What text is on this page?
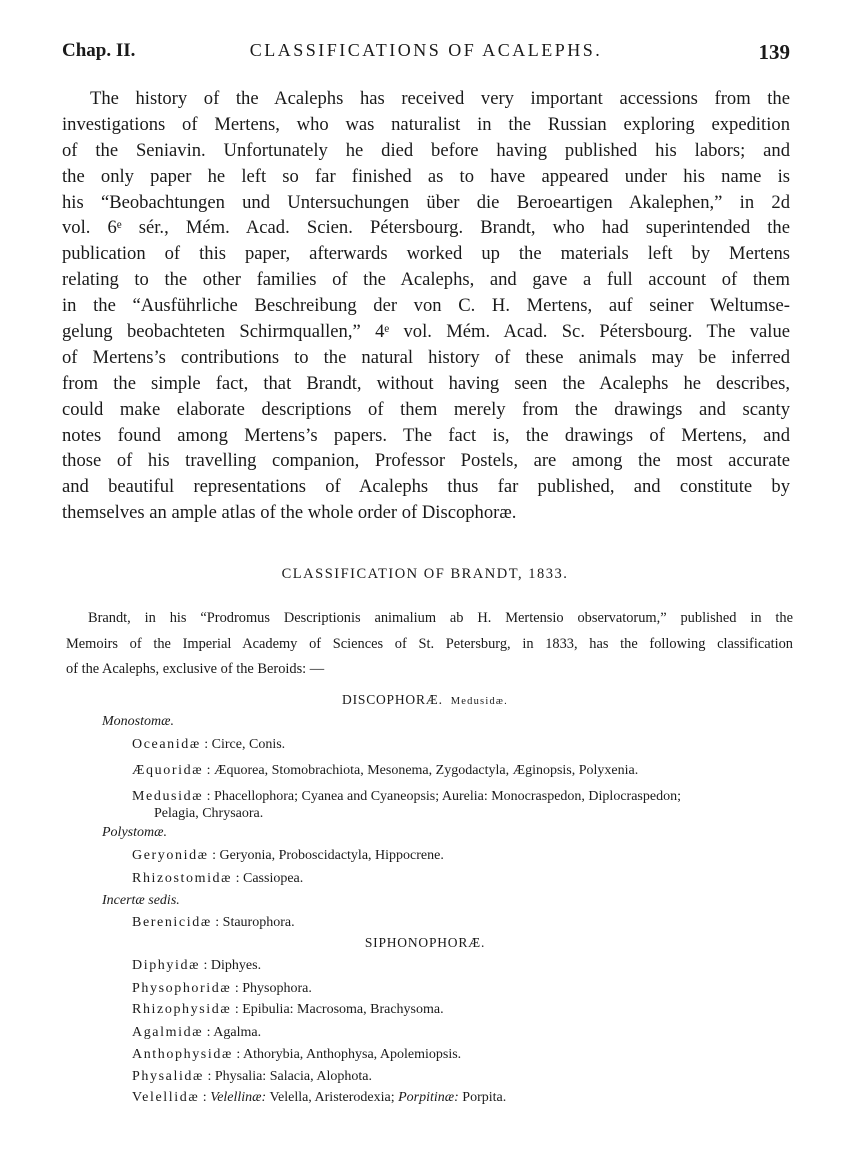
Chap. II.	CLASSIFICATIONS OF ACALEPHS.	139
The history of the Acalephs has received very important accessions from the
investigations of Mertens, who was naturalist in the Russian exploring expedition
of the Seniavin. Unfortunately he died before having published his labors; and
the only paper he left so far finished as to have appeared under his name is
his “Beobachtungen und Untersuchungen über die Beroeartigen Akalephen,” in 2d
vol. 6ᵉ sér., Mém. Acad. Scien. Pétersbourg. Brandt, who had superintended the
publication of this paper, afterwards worked up the materials left by Mertens
relating to the other families of the Acalephs, and gave a full account of them
in the “Ausführliche Beschreibung der von C. H. Mertens, auf seiner Weltumse-
gelung beobachteten Schirmquallen,” 4ᵉ vol. Mém. Acad. Sc. Pétersbourg. The value
of Mertens’s contributions to the natural history of these animals may be inferred
from the simple fact, that Brandt, without having seen the Acalephs he describes,
could make elaborate descriptions of them merely from the drawings and scanty
notes found among Mertens’s papers. The fact is, the drawings of Mertens, and
those of his travelling companion, Professor Postels, are among the most accurate
and beautiful representations of Acalephs thus far published, and constitute by
themselves an ample atlas of the whole order of Discophoræ.
CLASSIFICATION OF BRANDT, 1833.
Brandt, in his “Prodromus Descriptionis animalium ab H. Mertensio observatorum,” published in the
Memoirs of the Imperial Academy of Sciences of St. Petersburg, in 1833, has the following classification
of the Acalephs, exclusive of the Beroids: —
DISCOPHORÆ. Medusidæ.
Monostomæ.
Oceanidæ : Circe, Conis.
Æquoridæ : Æquorea, Stomobrachiota, Mesonema, Zygodactyla, Æginopsis, Polyxenia.
Medusidæ : Phacellophora; Cyanea and Cyaneopsis; Aurelia: Monocraspedon, Diplocraspedon;
Pelagia, Chrysaora.
Polystomæ.
Geryonidæ : Geryonia, Proboscidactyla, Hippocrene.
Rhizostomidæ : Cassiopea.
Incertæ sedis.
Berenicidæ : Staurophora.
SIPHONOPHORÆ.
Diphyidæ : Diphyes.
Physophoridæ : Physophora.
Rhizophysidæ : Epibulia: Macrosoma, Brachysoma.
Agalmidæ : Agalma.
Anthophysidæ : Athorybia, Anthophysa, Apolemiopsis.
Physalidæ : Physalia: Salacia, Alophota.
Velellidæ : Velellinæ: Velella, Aristerodexia; Porpitinæ: Porpita.
